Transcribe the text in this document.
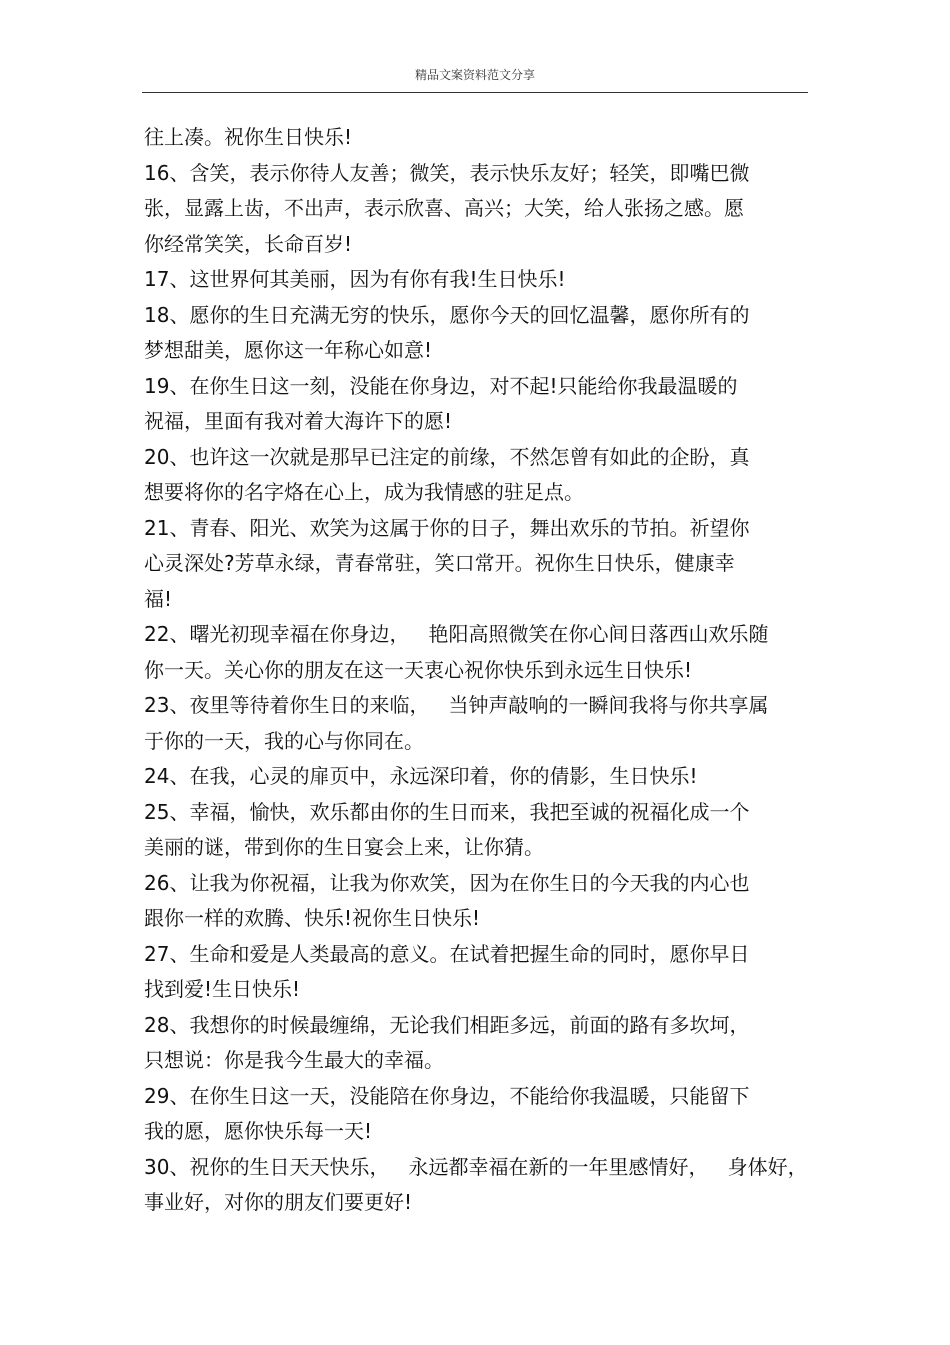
精品文案资料范文分享
往上凑。祝你生日快乐!
16、含笑，表示你待人友善；微笑，表示快乐友好；轻笑，即嘴巴微
张，显露上齿，不出声，表示欣喜、高兴；大笑，给人张扬之感。愿
你经常笑笑，长命百岁!
17、这世界何其美丽，因为有你有我!生日快乐!
18、愿你的生日充满无穷的快乐，愿你今天的回忆温馨，愿你所有的
梦想甜美，愿你这一年称心如意!
19、在你生日这一刻，没能在你身边，对不起!只能给你我最温暖的
祝福，里面有我对着大海许下的愿!
20、也许这一次就是那早已注定的前缘，不然怎曾有如此的企盼，真
想要将你的名字烙在心上，成为我情感的驻足点。
21、青春、阳光、欢笑为这属于你的日子，舞出欢乐的节拍。祈望你
心灵深处?芳草永绿，青春常驻，笑口常开。祝你生日快乐，健康幸
福!
22、曙光初现幸福在你身边，   艳阳高照微笑在你心间日落西山欢乐随
你一天。关心你的朋友在这一天衷心祝你快乐到永远生日快乐!
23、夜里等待着你生日的来临，   当钟声敲响的一瞬间我将与你共享属
于你的一天，我的心与你同在。
24、在我，心灵的扉页中，永远深印着，你的倩影，生日快乐!
25、幸福，愉快，欢乐都由你的生日而来，我把至诚的祝福化成一个
美丽的谜，带到你的生日宴会上来，让你猜。
26、让我为你祝福，让我为你欢笑，因为在你生日的今天我的内心也
跟你一样的欢腾、快乐!祝你生日快乐!
27、生命和爱是人类最高的意义。在试着把握生命的同时，愿你早日
找到爱!生日快乐!
28、我想你的时候最缠绵，无论我们相距多远，前面的路有多坎坷，
只想说：你是我今生最大的幸福。
29、在你生日这一天，没能陪在你身边，不能给你我温暖，只能留下
我的愿，愿你快乐每一天!
30、祝你的生日天天快乐，   永远都幸福在新的一年里感情好，   身体好，
事业好，对你的朋友们要更好!
